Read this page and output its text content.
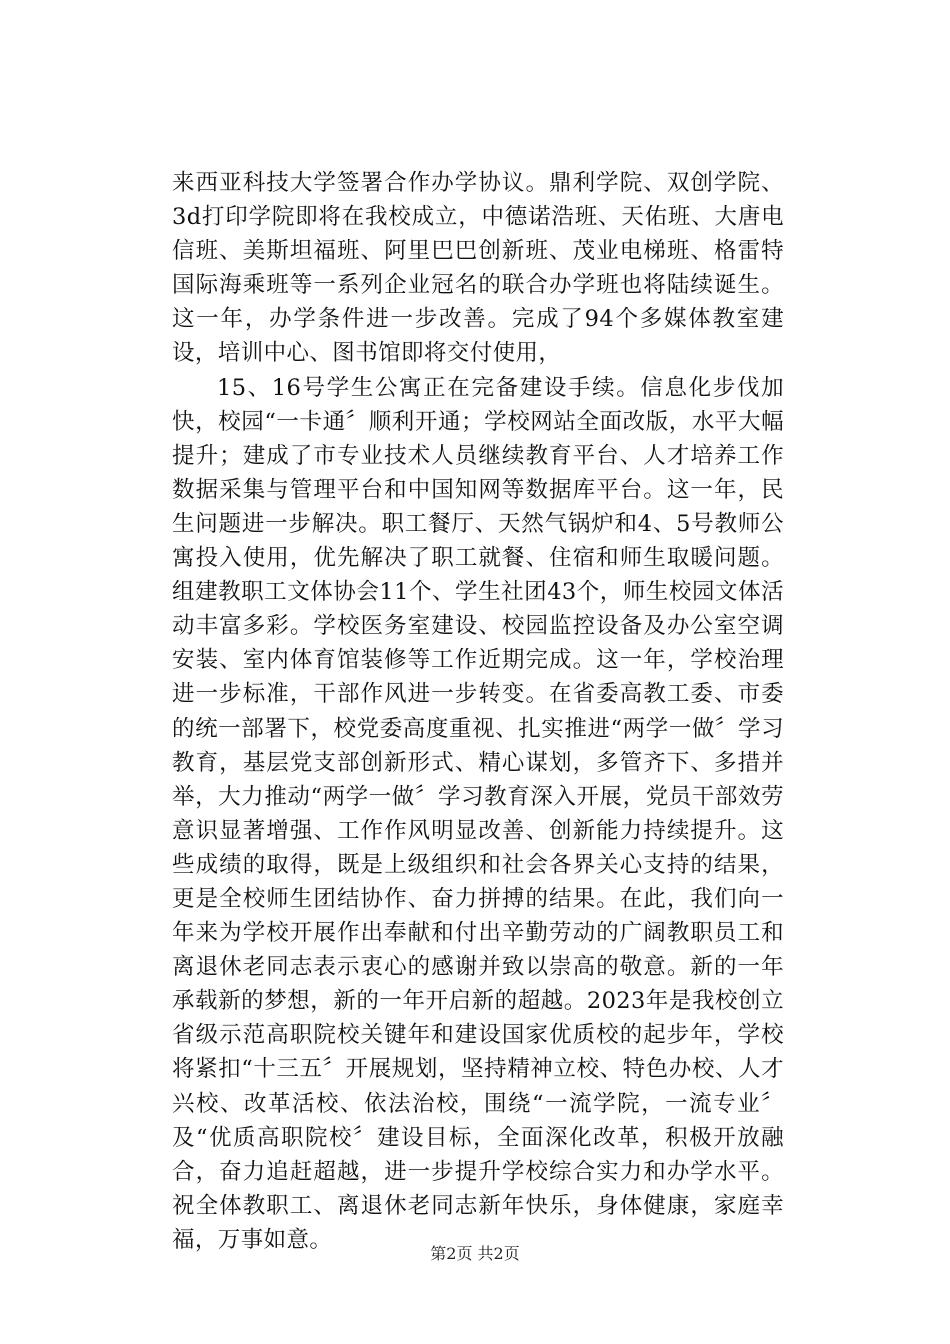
来西亚科技大学签署合作办学协议。鼎利学院、双创学院、3d打印学院即将在我校成立，中德诺浩班、天佑班、大唐电信班、美斯坦福班、阿里巴巴创新班、茂业电梯班、格雷特国际海乘班等一系列企业冠名的联合办学班也将陆续诞生。这一年，办学条件进一步改善。完成了94个多媒体教室建设，培训中心、图书馆即将交付使用，

15、16号学生公寓正在完备建设手续。信息化步伐加快，校园“一卡通〞顺利开通；学校网站全面改版，水平大幅提升；建成了市专业技术人员继续教育平台、人才培养工作数据采集与管理平台和中国知网等数据库平台。这一年，民生问题进一步解决。职工餐厅、天然气锅炉和4、5号教师公寓投入使用，优先解决了职工就餐、住宿和师生取暖问题。组建教职工文体协会11个、学生社团43个，师生校园文体活动丰富多彩。学校医务室建设、校园监控设备及办公室空调安装、室内体育馆装修等工作近期完成。这一年，学校治理进一步标准，干部作风进一步转变。在省委高教工委、市委的统一部署下，校党委高度重视、扎实推进“两学一做〞学习教育，基层党支部创新形式、精心谋划，多管齐下、多措并举，大力推动“两学一做〞学习教育深入开展，党员干部效劳意识显著增强、工作作风明显改善、创新能力持续提升。这些成绩的取得，既是上级组织和社会各界关心支持的结果，更是全校师生团结协作、奋力拼搏的结果。在此，我们向一年来为学校开展作出奉献和付出辛勤劳动的广阔教职员工和离退休老同志表示衷心的感谢并致以崇高的敬意。新的一年承载新的梦想，新的一年开启新的超越。2023年是我校创立省级示范高职院校关键年和建设国家优质校的起步年，学校将紧扣“十三五〞开展规划，坚持精神立校、特色办校、人才兴校、改革活校、依法治校，围绕“一流学院，一流专业〞及“优质高职院校〞建设目标，全面深化改革，积极开放融合，奋力追赶超越，进一步提升学校综合实力和办学水平。祝全体教职工、离退休老同志新年快乐，身体健康，家庭幸福，万事如意。

第2页 共2页
